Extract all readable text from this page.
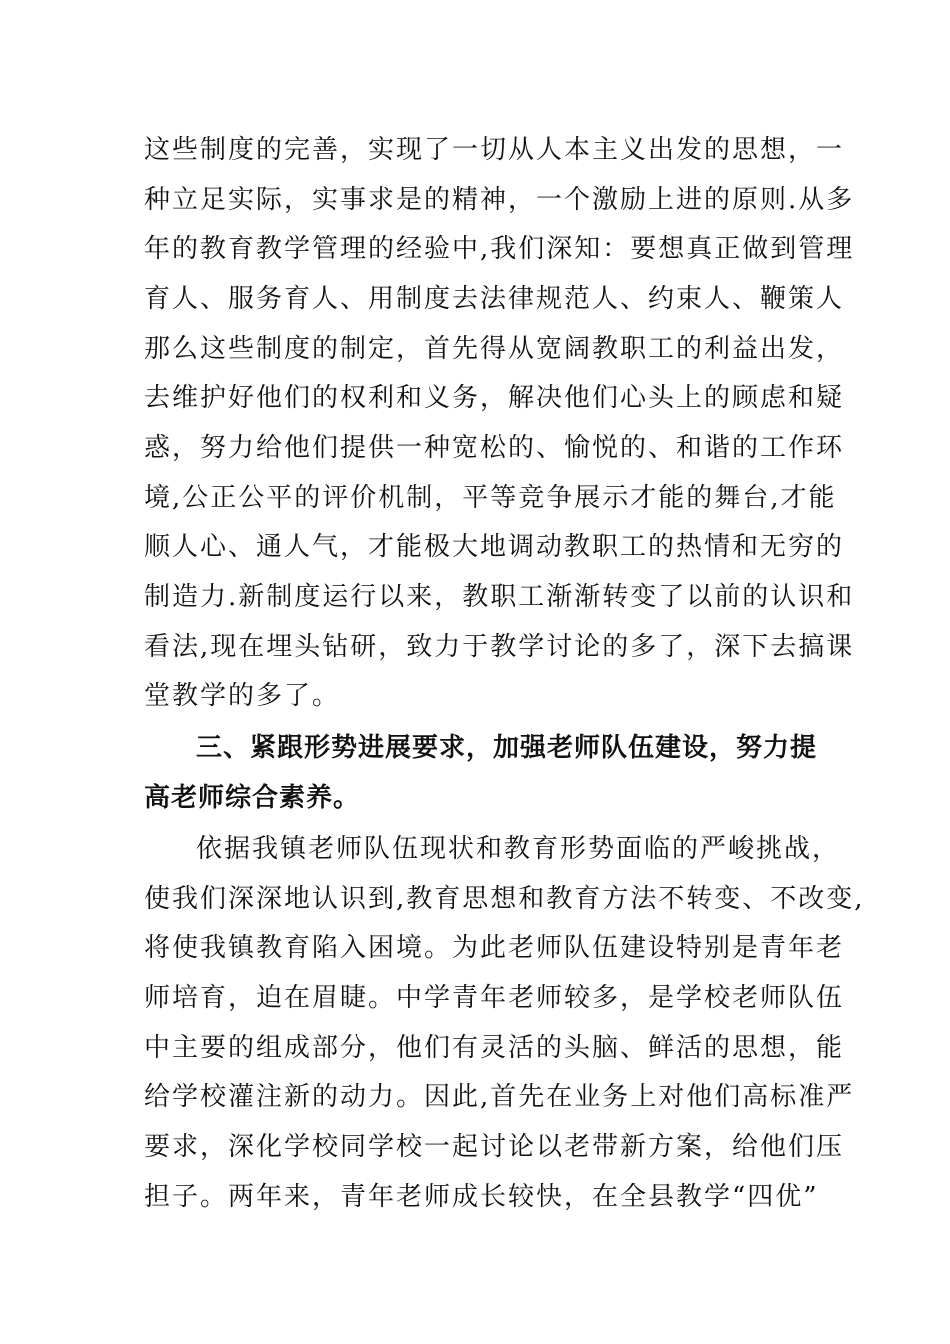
这些制度的完善，实现了一切从人本主义出发的思想，一
种立足实际，实事求是的精神，一个激励上进的原则.从多
年的教育教学管理的经验中,我们深知：要想真正做到管理
育人、服务育人、用制度去法律规范人、约束人、鞭策人
那么这些制度的制定，首先得从宽阔教职工的利益出发，
去维护好他们的权利和义务，解决他们心头上的顾虑和疑
惑，努力给他们提供一种宽松的、愉悦的、和谐的工作环
境,公正公平的评价机制，平等竞争展示才能的舞台,才能
顺人心、通人气，才能极大地调动教职工的热情和无穷的
制造力.新制度运行以来，教职工渐渐转变了以前的认识和
看法,现在埋头钻研，致力于教学讨论的多了，深下去搞课
堂教学的多了。
三、紧跟形势进展要求，加强老师队伍建设，努力提
高老师综合素养。
依据我镇老师队伍现状和教育形势面临的严峻挑战，
使我们深深地认识到,教育思想和教育方法不转变、不改变,
将使我镇教育陷入困境。为此老师队伍建设特别是青年老
师培育，迫在眉睫。中学青年老师较多，是学校老师队伍
中主要的组成部分，他们有灵活的头脑、鲜活的思想，能
给学校灌注新的动力。因此,首先在业务上对他们高标准严
要求，深化学校同学校一起讨论以老带新方案，给他们压
担子。两年来，青年老师成长较快，在全县教学“四优”
